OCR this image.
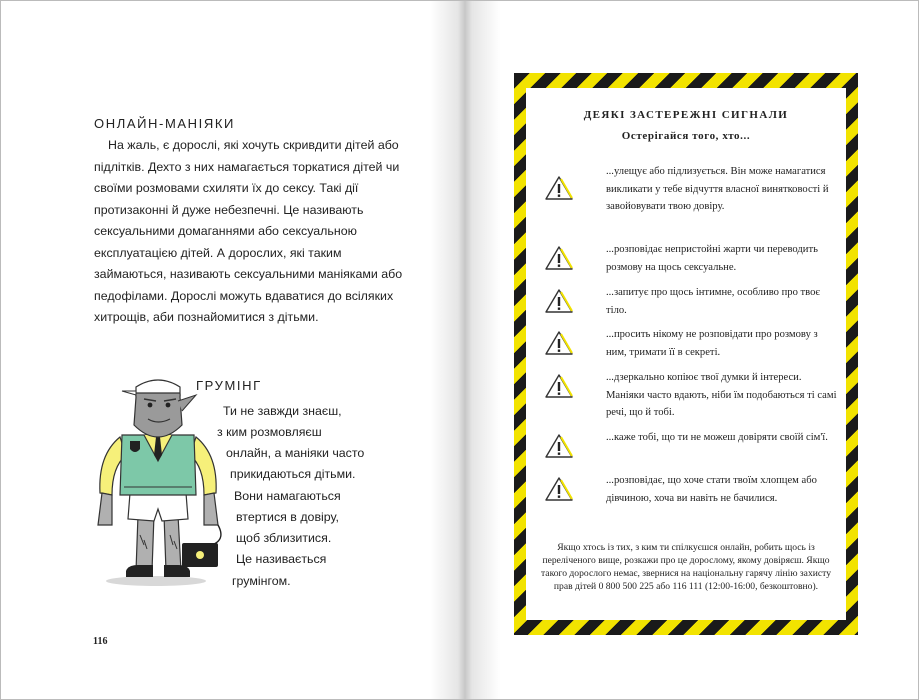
ОНЛАЙН-МАНІЯКИ

На жаль, є дорослі, які хочуть скривдити дітей або підлітків. Дехто з них намагається торкатися дітей чи своїми розмовами схиляти їх до сексу. Такі дії протизаконні й дуже небезпечні. Це називають сексуальними домаганнями або сексуальною експлуатацією дітей. А дорослих, які таким займаються, називають сексуальними маніяками або педофілами. Дорослі можуть вдаватися до всіляких хитрощів, аби познайомитися з дітьми.

ГРУМІНГ
Ти не завжди знаєш,
з ким розмовляєш
онлайн, а маніяки часто
прикидаються дітьми.
Вони намагаються
втертися в довіру,
щоб зблизитися.
Це називається
грумінгом.
116
ДЕЯКІ ЗАСТЕРЕЖНІ СИГНАЛИ
Остерігайся того, хто...

...улещує або підлизується. Він може намагатися викликати у тебе відчуття власної винятковості й завойовувати твою довіру.

...розповідає непристойні жарти чи переводить розмову на щось сексуальне.

...запитує про щось інтимне, особливо про твоє тіло.

...просить нікому не розповідати про розмову з ним, тримати її в секреті.

...дзеркально копіює твої думки й інтереси. Маніяки часто вдають, ніби їм подобаються ті самі речі, що й тобі.

...каже тобі, що ти не можеш довіряти своїй сім'ї.

...розповідає, що хоче стати твоїм хлопцем або дівчиною, хоча ви навіть не бачилися.

Якщо хтось із тих, з ким ти спілкуєшся онлайн, робить щось із переліченого вище, розкажи про це дорослому, якому довіряєш. Якщо такого дорослого немає, звернися на національну гарячу лінію захисту прав дітей 0 800 500 225 або 116 111 (12:00-16:00, безкоштовно).
